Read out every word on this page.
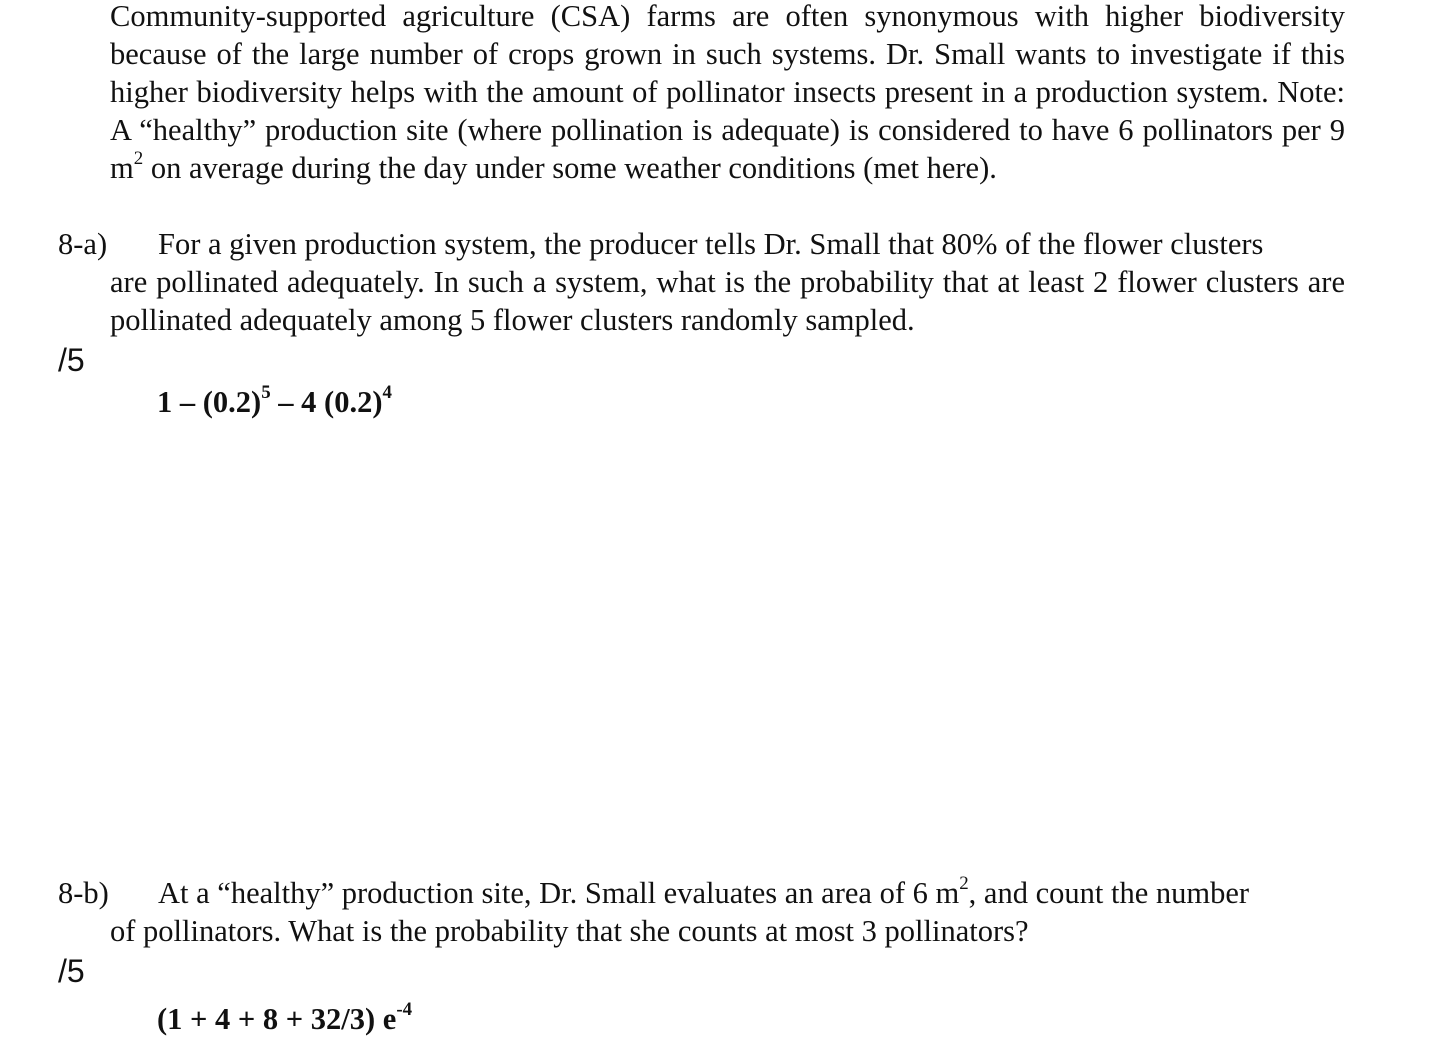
Community-supported agriculture (CSA) farms are often synonymous with higher biodiversity because of the large number of crops grown in such systems. Dr. Small wants to investigate if this higher biodiversity helps with the amount of pollinator insects present in a production system. Note: A “healthy” production site (where pollination is adequate) is considered to have 6 pollinators per 9 $m^2$ on average during the day under some weather conditions (met here).

8-a) For a given production system, the producer tells Dr. Small that 80% of the flower clusters
are pollinated adequately. In such a system, what is the probability that at least 2 flower clusters are pollinated adequately among 5 flower clusters randomly sampled.
/5
$1 - (0.2)^5 - 4$ $(0.2)^4$
8-b) At a “healthy” production site, Dr. Small evaluates an area of 6 $m^2$, and count the number
of pollinators. What is the probability that she counts at most 3 pollinators?
/5
(1 + 4 + 8 + 32/3) $e^{-4}$
